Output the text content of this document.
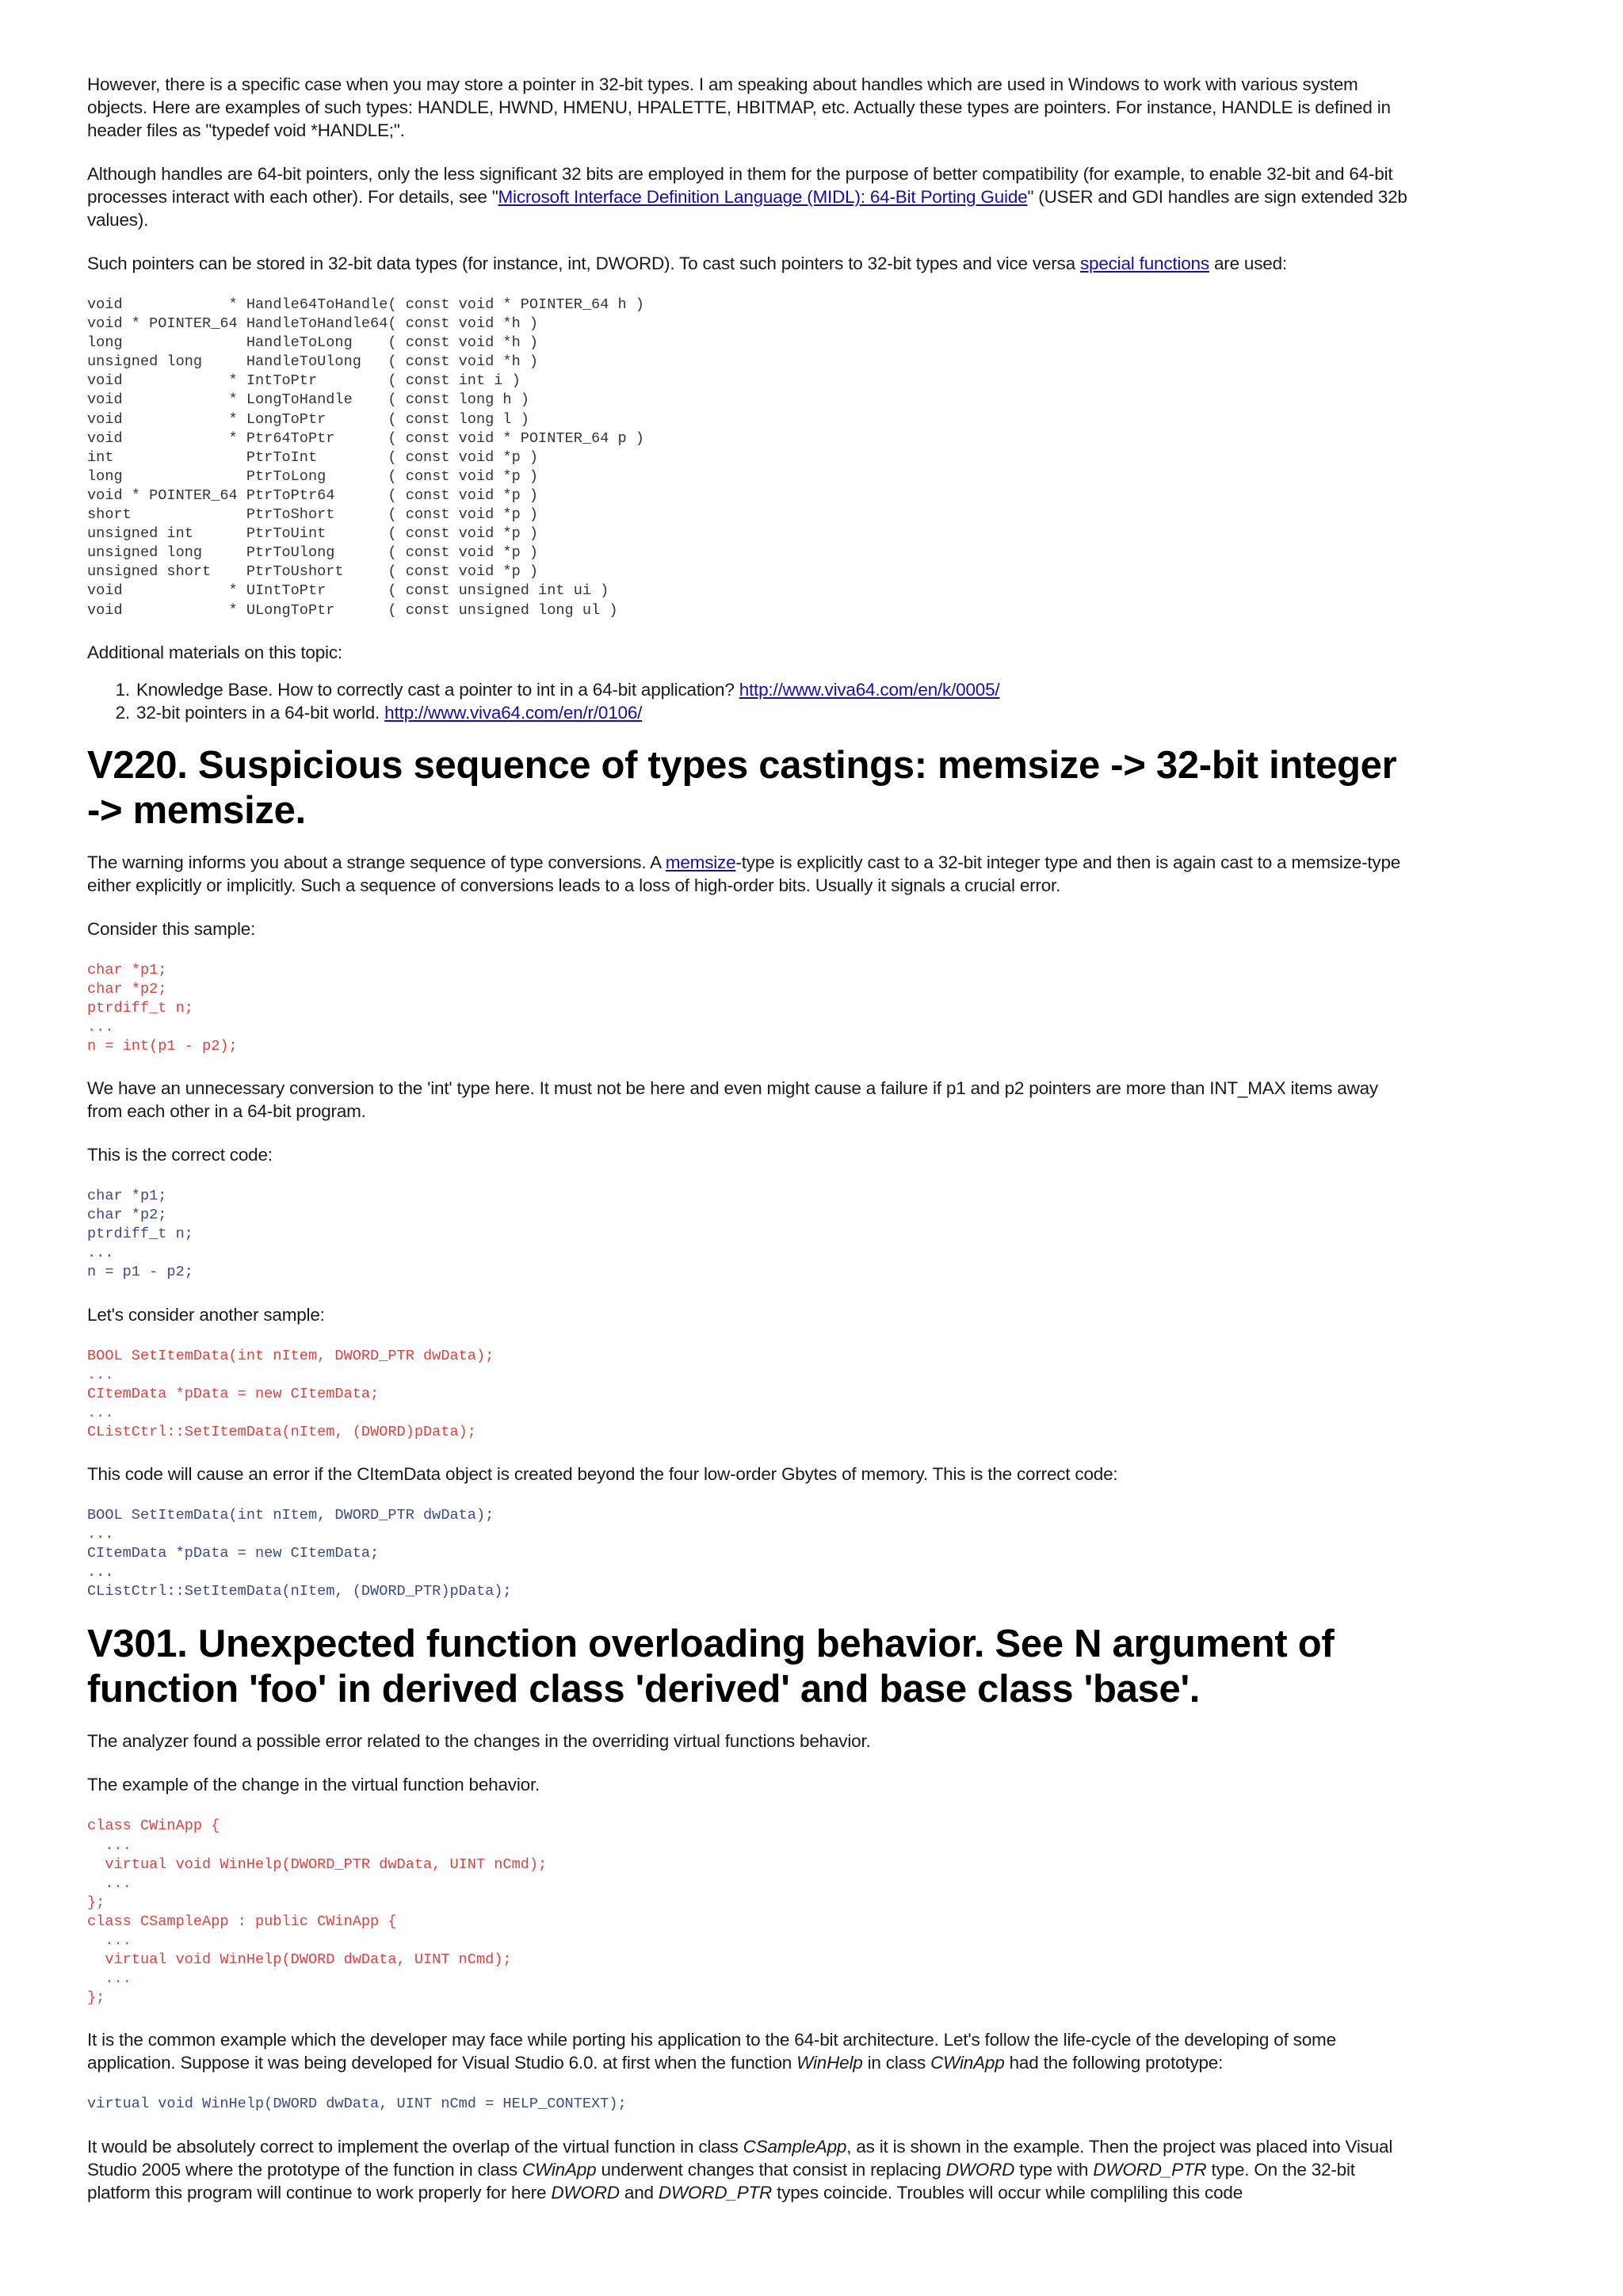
However, there is a specific case when you may store a pointer in 32-bit types. I am speaking about handles which are used in Windows to work with various system objects. Here are examples of such types: HANDLE, HWND, HMENU, HPALETTE, HBITMAP, etc. Actually these types are pointers. For instance, HANDLE is defined in header files as "typedef void *HANDLE;".

Although handles are 64-bit pointers, only the less significant 32 bits are employed in them for the purpose of better compatibility (for example, to enable 32-bit and 64-bit processes interact with each other). For details, see "Microsoft Interface Definition Language (MIDL): 64-Bit Porting Guide" (USER and GDI handles are sign extended 32b values).

Such pointers can be stored in 32-bit data types (for instance, int, DWORD). To cast such pointers to 32-bit types and vice versa special functions are used:

void            * Handle64ToHandle( const void * POINTER_64 h )
void * POINTER_64 HandleToHandle64( const void *h )
long              HandleToLong    ( const void *h )
unsigned long     HandleToUlong   ( const void *h )
void            * IntToPtr        ( const int i )
void            * LongToHandle    ( const long h )
void            * LongToPtr       ( const long l )
void            * Ptr64ToPtr      ( const void * POINTER_64 p )
int               PtrToInt        ( const void *p )
long              PtrToLong       ( const void *p )
void * POINTER_64 PtrToPtr64      ( const void *p )
short             PtrToShort      ( const void *p )
unsigned int      PtrToUint       ( const void *p )
unsigned long     PtrToUlong      ( const void *p )
unsigned short    PtrToUshort     ( const void *p )
void            * UIntToPtr       ( const unsigned int ui )
void            * ULongToPtr      ( const unsigned long ul )

Additional materials on this topic:

1. Knowledge Base. How to correctly cast a pointer to int in a 64-bit application? http://www.viva64.com/en/k/0005/
2. 32-bit pointers in a 64-bit world. http://www.viva64.com/en/r/0106/
V220. Suspicious sequence of types castings: memsize -> 32-bit integer -> memsize.

The warning informs you about a strange sequence of type conversions. A memsize-type is explicitly cast to a 32-bit integer type and then is again cast to a memsize-type either explicitly or implicitly. Such a sequence of conversions leads to a loss of high-order bits. Usually it signals a crucial error.

Consider this sample:

char *p1;
char *p2;
ptrdiff_t n;
...
n = int(p1 - p2);

We have an unnecessary conversion to the 'int' type here. It must not be here and even might cause a failure if p1 and p2 pointers are more than INT_MAX items away from each other in a 64-bit program.

This is the correct code:

char *p1;
char *p2;
ptrdiff_t n;
...
n = p1 - p2;

Let's consider another sample:

BOOL SetItemData(int nItem, DWORD_PTR dwData);
...
CItemData *pData = new CItemData;
...
CListCtrl::SetItemData(nItem, (DWORD)pData);

This code will cause an error if the CItemData object is created beyond the four low-order Gbytes of memory. This is the correct code:

BOOL SetItemData(int nItem, DWORD_PTR dwData);
...
CItemData *pData = new CItemData;
...
CListCtrl::SetItemData(nItem, (DWORD_PTR)pData);
V301. Unexpected function overloading behavior. See N argument of function 'foo' in derived class 'derived' and base class 'base'.

The analyzer found a possible error related to the changes in the overriding virtual functions behavior.

The example of the change in the virtual function behavior.

class CWinApp {
...
virtual void WinHelp(DWORD_PTR dwData, UINT nCmd);
...
};
class CSampleApp : public CWinApp {
...
virtual void WinHelp(DWORD dwData, UINT nCmd);
...
};

It is the common example which the developer may face while porting his application to the 64-bit architecture. Let's follow the life-cycle of the developing of some application. Suppose it was being developed for Visual Studio 6.0. at first when the function WinHelp in class CWinApp had the following prototype:

virtual void WinHelp(DWORD dwData, UINT nCmd = HELP_CONTEXT);

It would be absolutely correct to implement the overlap of the virtual function in class CSampleApp, as it is shown in the example. Then the project was placed into Visual Studio 2005 where the prototype of the function in class CWinApp underwent changes that consist in replacing DWORD type with DWORD_PTR type. On the 32-bit platform this program will continue to work properly for here DWORD and DWORD_PTR types coincide. Troubles will occur while compliling this code
